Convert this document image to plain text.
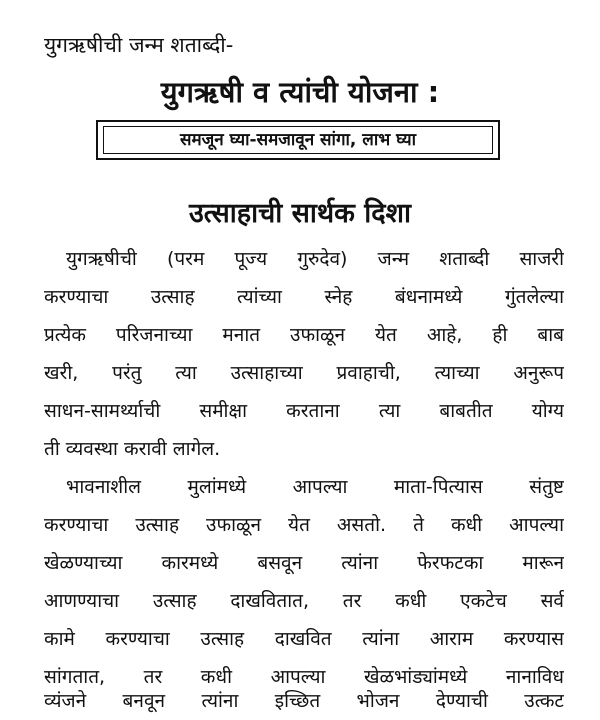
युगऋषीची जन्म शताब्दी-
युगऋषी व त्यांची योजना :
समजून घ्या-समजावून सांगा, लाभ घ्या
उत्साहाची सार्थक दिशा
युगऋषीची (परम पूज्य गुरुदेव) जन्म शताब्दी साजरी
करण्याचा उत्साह त्यांच्या स्नेह बंधनामध्ये गुंतलेल्या
प्रत्येक परिजनाच्या मनात उफाळून येत आहे, ही बाब
खरी, परंतु त्या उत्साहाच्या प्रवाहाची, त्याच्या अनुरूप
साधन-सामर्थ्याची समीक्षा करताना त्या बाबतीत योग्य
ती व्यवस्था करावी लागेल.
भावनाशील मुलांमध्ये आपल्या माता-पित्यास संतुष्ट
करण्याचा उत्साह उफाळून येत असतो. ते कधी आपल्या
खेळण्याच्या कारमध्ये बसवून त्यांना फेरफटका मारून
आणण्याचा उत्साह दाखवितात, तर कधी एकटेच सर्व
कामे करण्याचा उत्साह दाखवित त्यांना आराम करण्यास
सांगतात, तर कधी आपल्या खेळभांड्यांमध्ये नानाविध
व्यंजने बनवून त्यांना इच्छित भोजन देण्याची उत्कट
